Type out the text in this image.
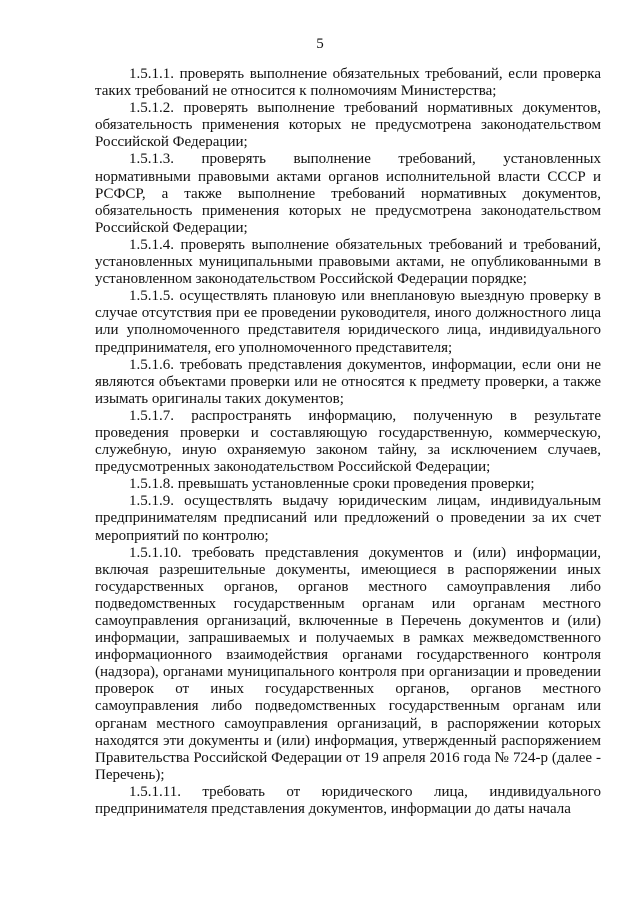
5

1.5.1.1. проверять выполнение обязательных требований, если проверка таких требований не относится к полномочиям Министерства;

1.5.1.2. проверять выполнение требований нормативных документов, обязательность применения которых не предусмотрена законодательством Российской Федерации;

1.5.1.3. проверять выполнение требований, установленных нормативными правовыми актами органов исполнительной власти СССР и РСФСР, а также выполнение требований нормативных документов, обязательность применения которых не предусмотрена законодательством Российской Федерации;

1.5.1.4. проверять выполнение обязательных требований и требований, установленных муниципальными правовыми актами, не опубликованными в установленном законодательством Российской Федерации порядке;

1.5.1.5. осуществлять плановую или внеплановую выездную проверку в случае отсутствия при ее проведении руководителя, иного должностного лица или уполномоченного представителя юридического лица, индивидуального предпринимателя, его уполномоченного представителя;

1.5.1.6. требовать представления документов, информации, если они не являются объектами проверки или не относятся к предмету проверки, а также изымать оригиналы таких документов;

1.5.1.7. распространять информацию, полученную в результате проведения проверки и составляющую государственную, коммерческую, служебную, иную охраняемую законом тайну, за исключением случаев, предусмотренных законодательством Российской Федерации;

1.5.1.8. превышать установленные сроки проведения проверки;

1.5.1.9. осуществлять выдачу юридическим лицам, индивидуальным предпринимателям предписаний или предложений о проведении за их счет мероприятий по контролю;

1.5.1.10. требовать представления документов и (или) информации, включая разрешительные документы, имеющиеся в распоряжении иных государственных органов, органов местного самоуправления либо подведомственных государственным органам или органам местного самоуправления организаций, включенные в Перечень документов и (или) информации, запрашиваемых и получаемых в рамках межведомственного информационного взаимодействия органами государственного контроля (надзора), органами муниципального контроля при организации и проведении проверок от иных государственных органов, органов местного самоуправления либо подведомственных государственным органам или органам местного самоуправления организаций, в распоряжении которых находятся эти документы и (или) информация, утвержденный распоряжением Правительства Российской Федерации от 19 апреля 2016 года № 724-р (далее - Перечень);

1.5.1.11. требовать от юридического лица, индивидуального предпринимателя представления документов, информации до даты начала
